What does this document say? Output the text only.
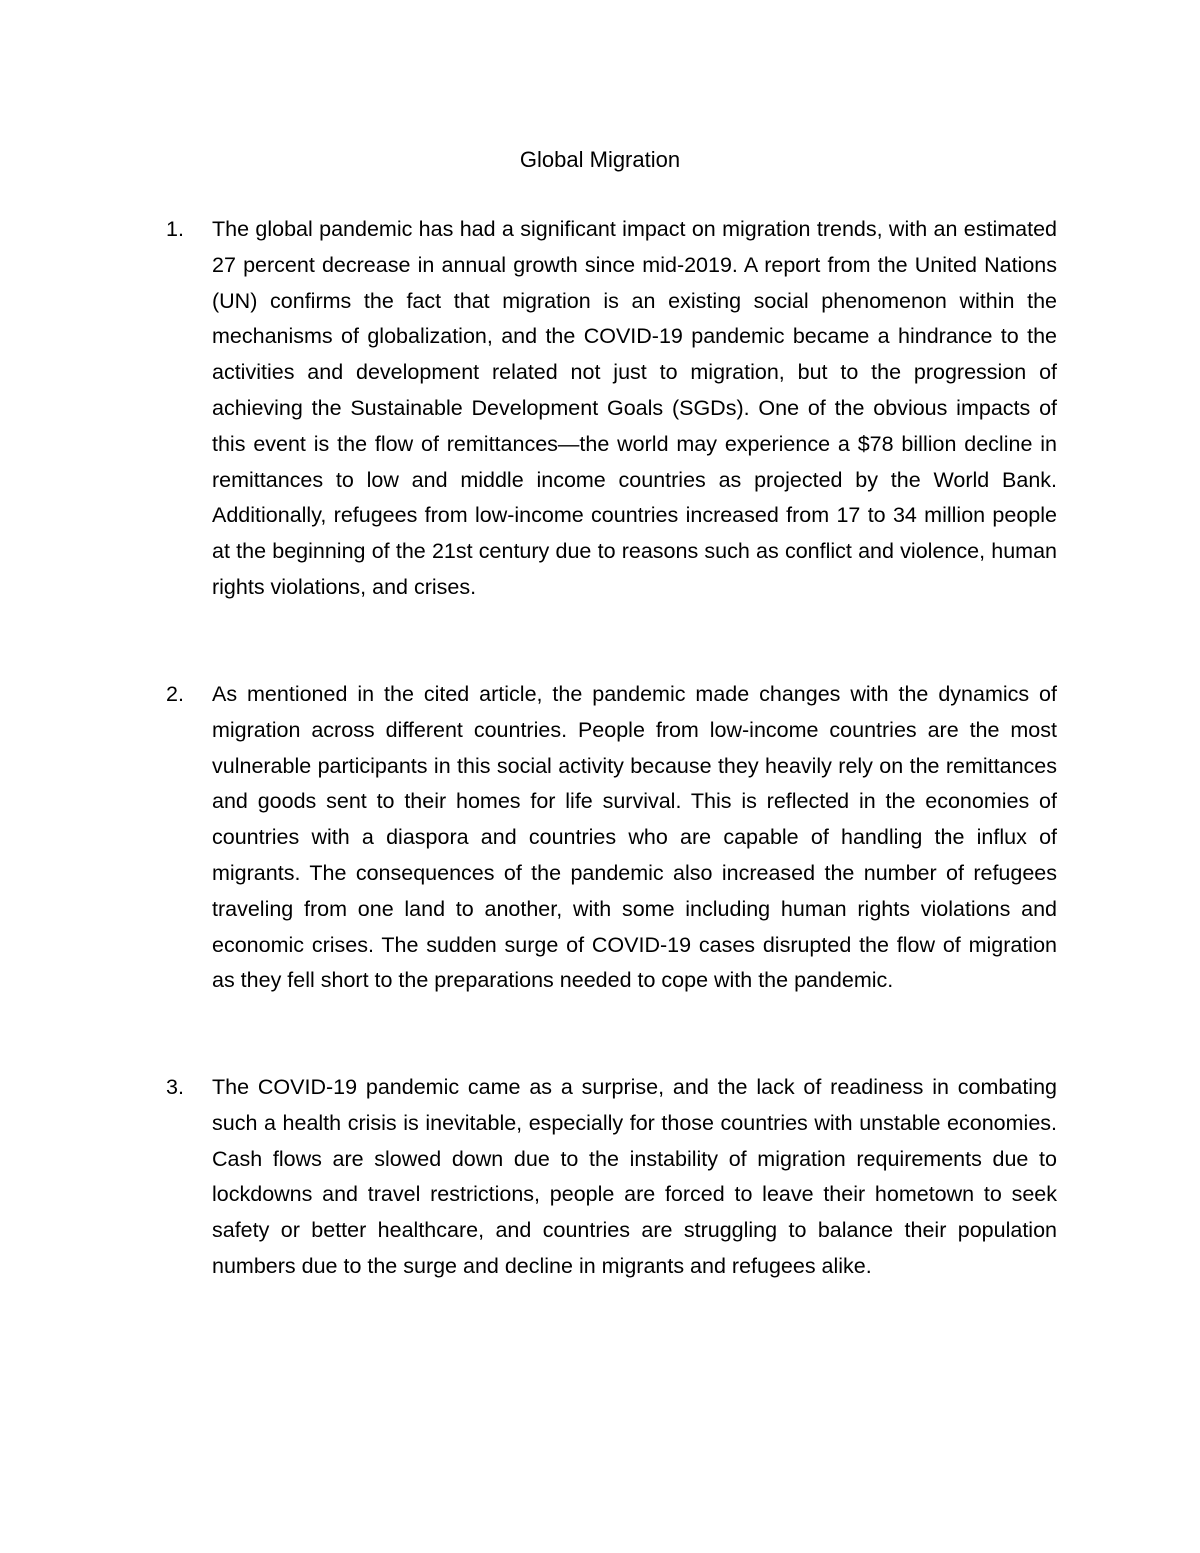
Global Migration
1.	The global pandemic has had a significant impact on migration trends, with an estimated 27 percent decrease in annual growth since mid-2019. A report from the United Nations (UN) confirms the fact that migration is an existing social phenomenon within the mechanisms of globalization, and the COVID-19 pandemic became a hindrance to the activities and development related not just to migration, but to the progression of achieving the Sustainable Development Goals (SGDs). One of the obvious impacts of this event is the flow of remittances—the world may experience a $78 billion decline in remittances to low and middle income countries as projected by the World Bank. Additionally, refugees from low-income countries increased from 17 to 34 million people at the beginning of the 21st century due to reasons such as conflict and violence, human rights violations, and crises.

2.	As mentioned in the cited article, the pandemic made changes with the dynamics of migration across different countries. People from low-income countries are the most vulnerable participants in this social activity because they heavily rely on the remittances and goods sent to their homes for life survival. This is reflected in the economies of countries with a diaspora and countries who are capable of handling the influx of migrants. The consequences of the pandemic also increased the number of refugees traveling from one land to another, with some including human rights violations and economic crises. The sudden surge of COVID-19 cases disrupted the flow of migration as they fell short to the preparations needed to cope with the pandemic.

3.	The COVID-19 pandemic came as a surprise, and the lack of readiness in combating such a health crisis is inevitable, especially for those countries with unstable economies. Cash flows are slowed down due to the instability of migration requirements due to lockdowns and travel restrictions, people are forced to leave their hometown to seek safety or better healthcare, and countries are struggling to balance their population numbers due to the surge and decline in migrants and refugees alike.
